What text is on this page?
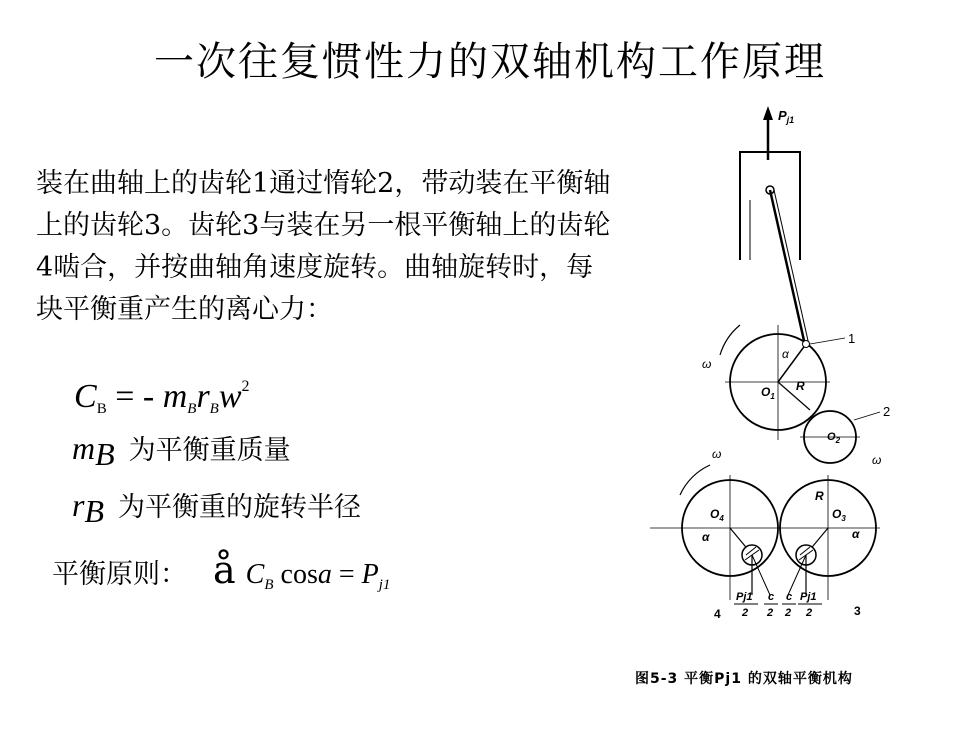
一次往复惯性力的双轴机构工作原理

装在曲轴上的齿轮1通过惰轮2，带动装在平衡轴上的齿轮3。齿轮3与装在另一根平衡轴上的齿轮4啮合，并按曲轴角速度旋转。曲轴旋转时，每块平衡重产生的离心力：

$C_B$ = - $m_Br_Bw^2$
$m_B$ 为平衡重质量
$r_B$ 为平衡重的旋转半径
平衡原则： å $C_B$ $\cos a = P_{j1}$
$P_{j1}$
$O_1$
R
α
1
ω
$O_2$
2
ω
$O_4$
α
ω
4
$O_3$
R
α
3
Pj1
2
c
2
c
2
Pj1
2
图5-3 平衡Pj1 的双轴平衡机构
